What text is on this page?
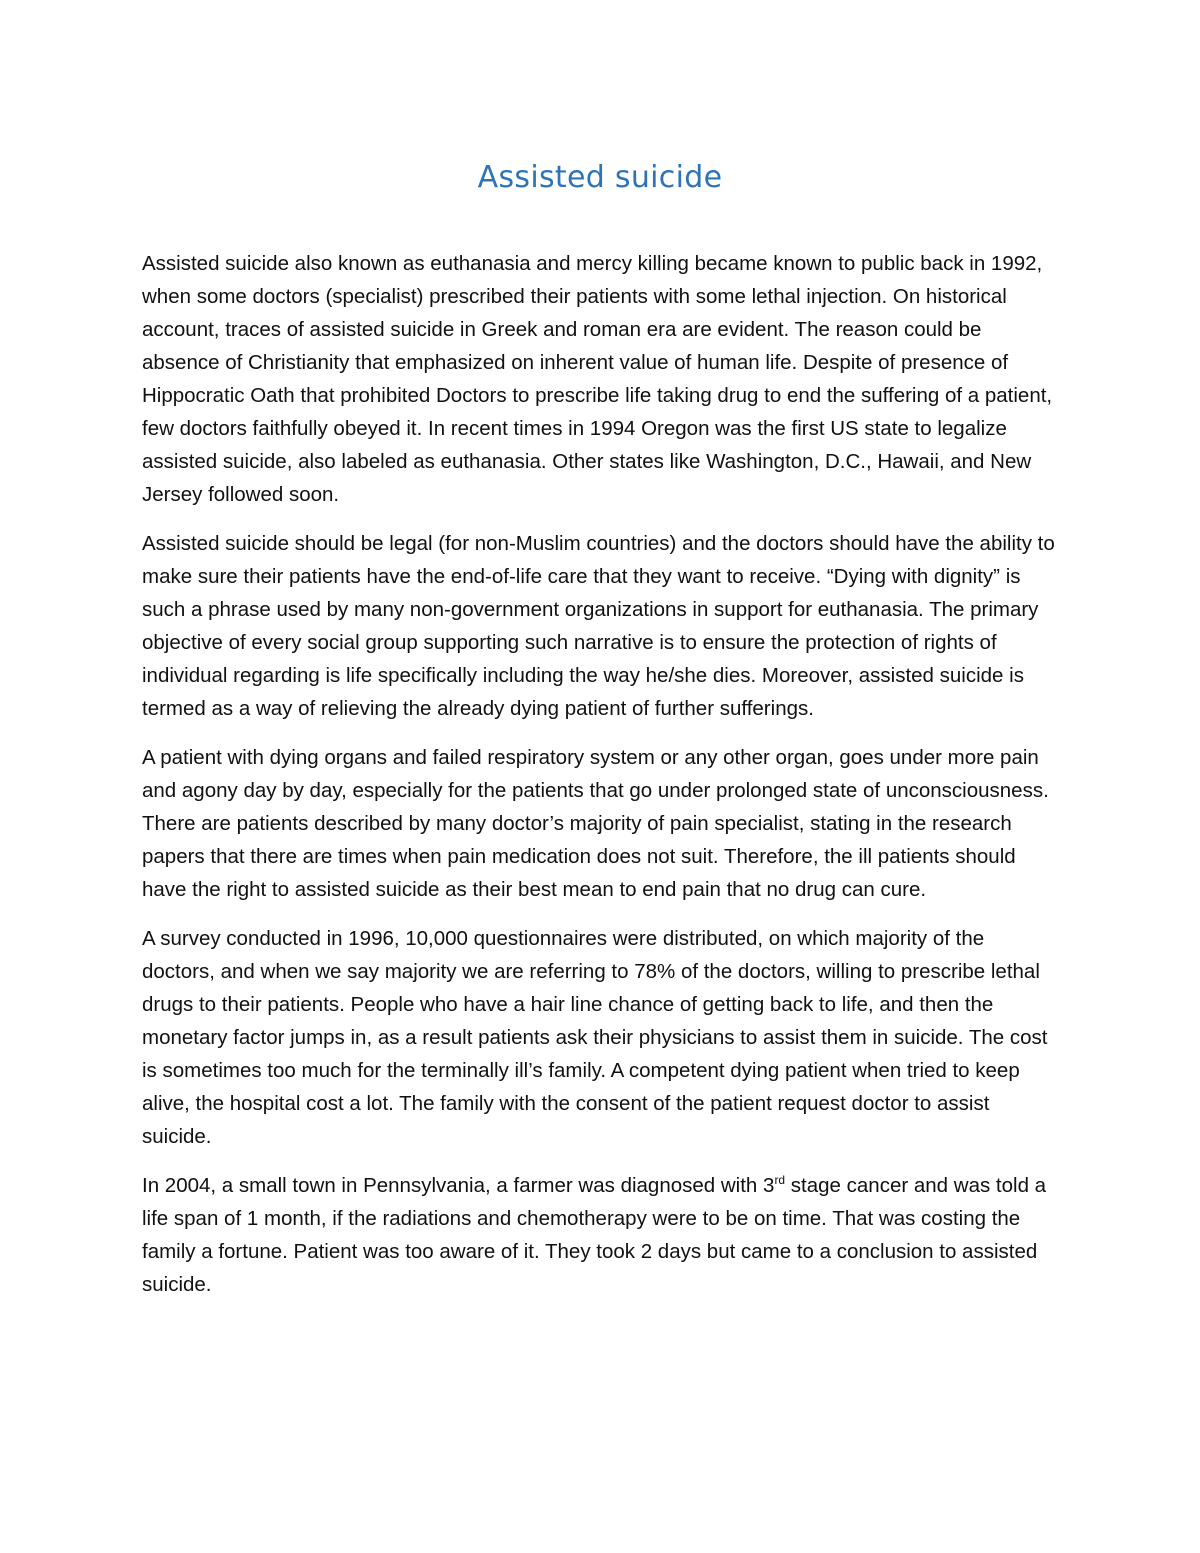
Assisted suicide

Assisted suicide also known as euthanasia and mercy killing became known to public back in 1992, when some doctors (specialist) prescribed their patients with some lethal injection. On historical account, traces of assisted suicide in Greek and roman era are evident. The reason could be absence of Christianity that emphasized on inherent value of human life. Despite of presence of Hippocratic Oath that prohibited Doctors to prescribe life taking drug to end the suffering of a patient, few doctors faithfully obeyed it. In recent times in 1994 Oregon was the first US state to legalize assisted suicide, also labeled as euthanasia. Other states like Washington, D.C., Hawaii, and New Jersey followed soon.

Assisted suicide should be legal (for non-Muslim countries) and the doctors should have the ability to make sure their patients have the end-of-life care that they want to receive. “Dying with dignity” is such a phrase used by many non-government organizations in support for euthanasia. The primary objective of every social group supporting such narrative is to ensure the protection of rights of individual regarding is life specifically including the way he/she dies. Moreover, assisted suicide is termed as a way of relieving the already dying patient of further sufferings.

A patient with dying organs and failed respiratory system or any other organ, goes under more pain and agony day by day, especially for the patients that go under prolonged state of unconsciousness. There are patients described by many doctor’s majority of pain specialist, stating in the research papers that there are times when pain medication does not suit. Therefore, the ill patients should have the right to assisted suicide as their best mean to end pain that no drug can cure.

A survey conducted in 1996, 10,000 questionnaires were distributed, on which majority of the doctors, and when we say majority we are referring to 78% of the doctors, willing to prescribe lethal drugs to their patients. People who have a hair line chance of getting back to life, and then the monetary factor jumps in, as a result patients ask their physicians to assist them in suicide. The cost is sometimes too much for the terminally ill’s family. A competent dying patient when tried to keep alive, the hospital cost a lot. The family with the consent of the patient request doctor to assist suicide.

In 2004, a small town in Pennsylvania, a farmer was diagnosed with 3rd stage cancer and was told a life span of 1 month, if the radiations and chemotherapy were to be on time. That was costing the family a fortune. Patient was too aware of it. They took 2 days but came to a conclusion to assisted suicide.
